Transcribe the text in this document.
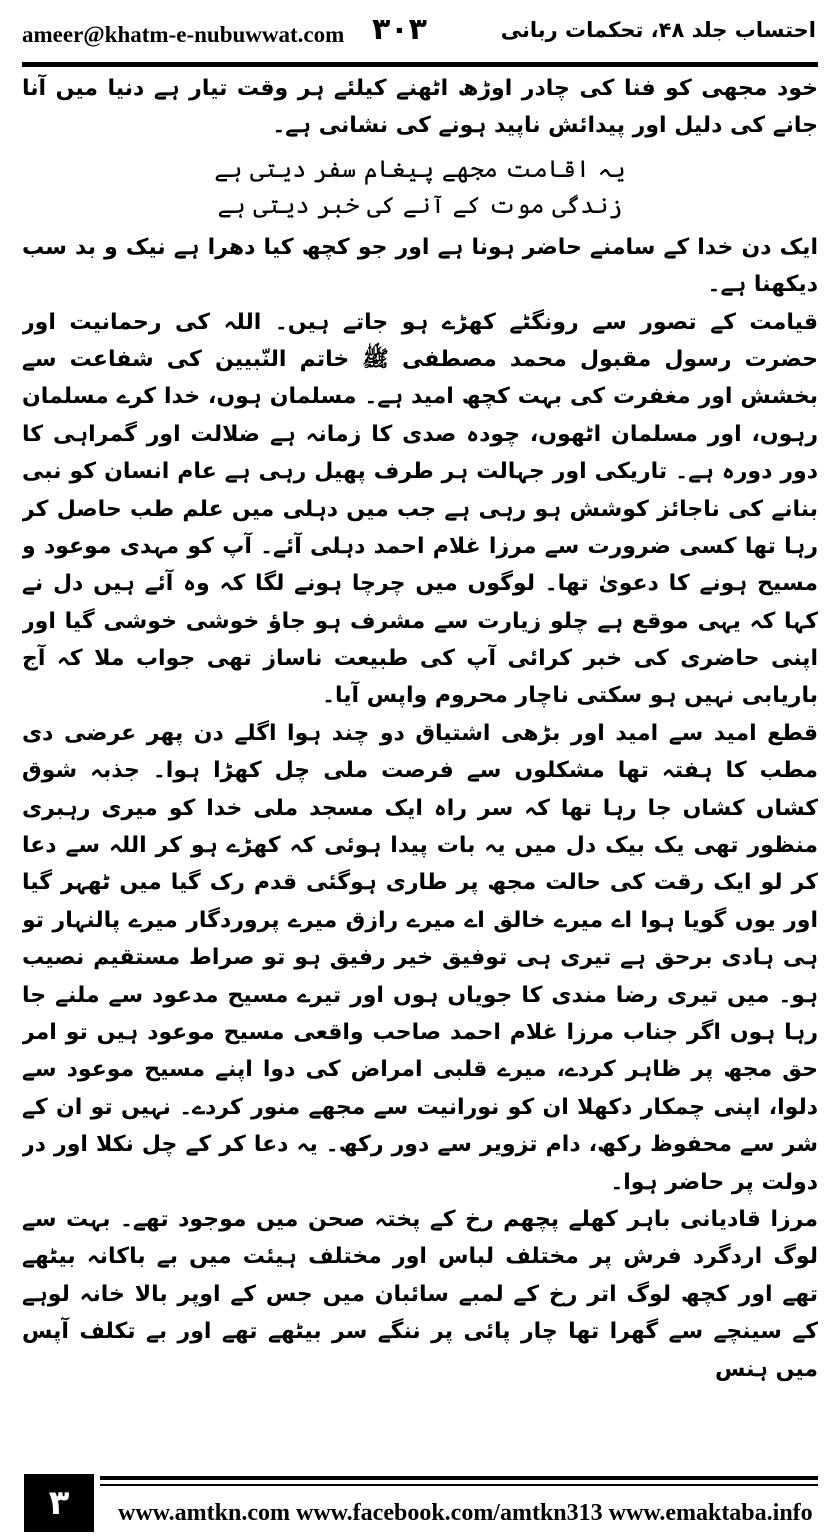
ameer@khatm-e-nubuwwat.com ۳۰۳	احتساب جلد ۴۸، تحکمات ربانی

خود مجھی کو فنا کی چادر اوڑھ اٹھنے کیلئے ہر وقت تیار ہے دنیا میں آنا جانے کی دلیل اور پیدائش ناپید ہونے کی نشانی ہے۔

یہ اقامت مجھے پیغام سفر دیتی ہے
زندگی موت کے آنے کی خبر دیتی ہے

ایک دن خدا کے سامنے حاضر ہونا ہے اور جو کچھ کیا دھرا ہے نیک و بد سب دیکھنا ہے۔

قیامت کے تصور سے رونگٹے کھڑے ہو جاتے ہیں۔ اللہ کی رحمانیت اور حضرت رسول مقبول محمد مصطفی ﷺ خاتم النّبیین کی شفاعت سے بخشش اور مغفرت کی بہت کچھ امید ہے۔ مسلمان ہوں، خدا کرے مسلمان رہوں، اور مسلمان اٹھوں، چودہ صدی کا زمانہ ہے ضلالت اور گمراہی کا دور دورہ ہے۔ تاریکی اور جہالت ہر طرف پھیل رہی ہے عام انسان کو نبی بنانے کی ناجائز کوشش ہو رہی ہے جب میں دہلی میں علم طب حاصل کر رہا تھا کسی ضرورت سے مرزا غلام احمد دہلی آئے۔ آپ کو مہدی موعود و مسیح ہونے کا دعویٰ تھا۔ لوگوں میں چرچا ہونے لگا کہ وہ آئے ہیں دل نے کہا کہ یہی موقع ہے چلو زیارت سے مشرف ہو جاؤ خوشی خوشی گیا اور اپنی حاضری کی خبر کرائی آپ کی طبیعت ناساز تھی جواب ملا کہ آج باریابی نہیں ہو سکتی ناچار محروم واپس آیا۔

قطع امید سے امید اور بڑھی اشتیاق دو چند ہوا اگلے دن پھر عرضی دی مطب کا ہفتہ تھا مشکلوں سے فرصت ملی چل کھڑا ہوا۔ جذبہ شوق کشاں کشاں جا رہا تھا کہ سر راہ ایک مسجد ملی خدا کو میری رہبری منظور تھی یک بیک دل میں یہ بات پیدا ہوئی کہ کھڑے ہو کر اللہ سے دعا کر لو ایک رقت کی حالت مجھ پر طاری ہوگئی قدم رک گیا میں ٹھہر گیا اور یوں گویا ہوا اے میرے خالق اے میرے رازق میرے پروردگار میرے پالنہار تو ہی ہادی برحق ہے تیری ہی توفیق خیر رفیق ہو تو صراط مستقیم نصیب ہو۔ میں تیری رضا مندی کا جویاں ہوں اور تیرے مسیح مدعود سے ملنے جا رہا ہوں اگر جناب مرزا غلام احمد صاحب واقعی مسیح موعود ہیں تو امر حق مجھ پر ظاہر کردے، میرے قلبی امراض کی دوا اپنے مسیح موعود سے دلوا، اپنی چمکار دکھلا ان کو نورانیت سے مجھے منور کردے۔ نہیں تو ان کے شر سے محفوظ رکھ، دام تزویر سے دور رکھ۔ یہ دعا کر کے چل نکلا اور در دولت پر حاضر ہوا۔

مرزا قادیانی باہر کھلے پچھم رخ کے پختہ صحن میں موجود تھے۔ بہت سے لوگ اردگرد فرش پر مختلف لباس اور مختلف ہیئت میں بے باکانہ بیٹھے تھے اور کچھ لوگ اتر رخ کے لمبے سائبان میں جس کے اوپر بالا خانہ لوہے کے سینچے سے گھرا تھا چار پائی پر ننگے سر بیٹھے تھے اور بے تکلف آپس میں ہنس

۳	www.amtkn.com www.facebook.com/amtkn313 www.emaktaba.info
